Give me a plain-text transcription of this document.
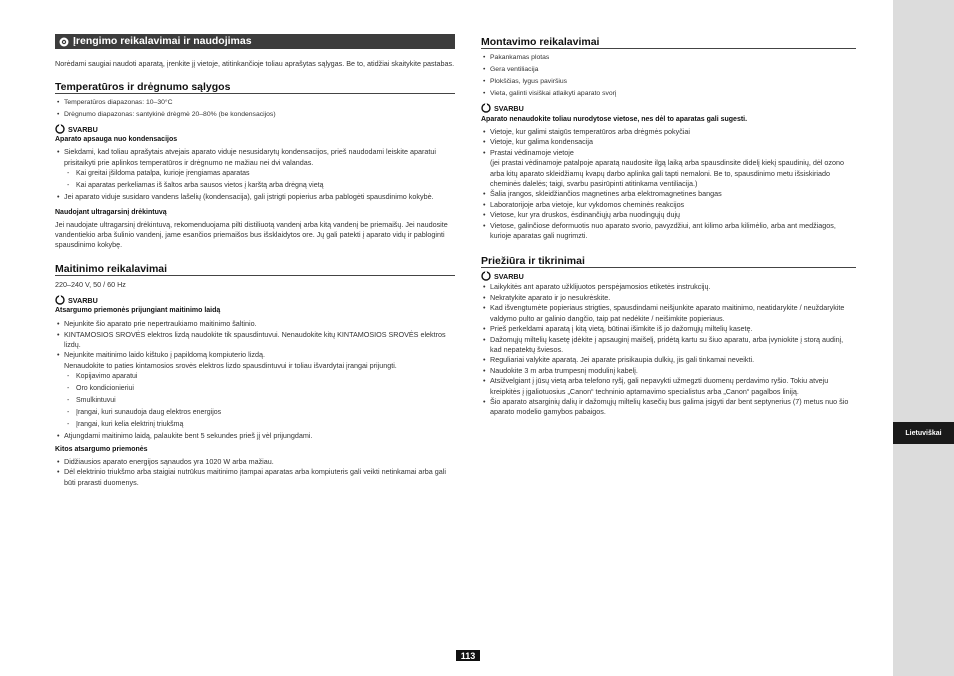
Lietuviškai
Įrengimo reikalavimai ir naudojimas

Norėdami saugiai naudoti aparatą, įrenkite jį vietoje, atitinkančioje toliau aprašytas sąlygas. Be to, atidžiai skaitykite pastabas.

Temperatūros ir drėgnumo sąlygos
• Temperatūros diapazonas: 10–30°C
• Drėgnumo diapazonas: santykinė drėgmė 20–80% (be kondensacijos)
SVARBU
Aparato apsauga nuo kondensacijos
• Siekdami, kad toliau aprašytais atvejais aparato viduje nesusidarytų kondensacijos, prieš naudodami leiskite aparatui prisitaikyti prie aplinkos temperatūros ir drėgnumo ne mažiau nei dvi valandas.
- Kai greitai įšildoma patalpa, kurioje įrengiamas aparatas
- Kai aparatas perkeliamas iš šaltos arba sausos vietos į karštą arba drėgną vietą
• Jei aparato viduje susidaro vandens lašelių (kondensacija), gali įstrigti popierius arba pablogėti spausdinimo kokybė.
Naudojant ultragarsinį drėkintuvą

Jei naudojate ultragarsinį drėkintuvą, rekomenduojama pilti distiliuotą vandenį arba kitą vandenį be priemaišų. Jei naudosite vandentiekio arba šulinio vandenį, jame esančios priemaišos bus išsklaidytos ore. Jų gali patekti į aparato vidų ir pabloginti spausdinimo kokybę.

Maitinimo reikalavimai

220–240 V, 50 / 60 Hz

SVARBU
Atsargumo priemonės prijungiant maitinimo laidą
• Nejunkite šio aparato prie nepertraukiamo maitinimo šaltinio.
• KINTAMOSIOS SROVĖS elektros lizdą naudokite tik spausdintuvui. Nenaudokite kitų KINTAMOSIOS SROVĖS elektros lizdų.
• Nejunkite maitinimo laido kištuko į papildomą kompiuterio lizdą.

Nenaudokite to paties kintamosios srovės elektros lizdo spausdintuvui ir toliau išvardytai įrangai prijungti.

- Kopijavimo aparatui
- Oro kondicionieriui
- Smulkintuvui
- Įrangai, kuri sunaudoja daug elektros energijos
- Įrangai, kuri kelia elektrinį triukšmą
• Atjungdami maitinimo laidą, palaukite bent 5 sekundes prieš jį vėl prijungdami.
Kitos atsargumo priemonės
• Didžiausios aparato energijos sąnaudos yra 1020 W arba mažiau.
• Dėl elektrinio triukšmo arba staigiai nutrūkus maitinimo įtampai aparatas arba kompiuteris gali veikti netinkamai arba gali būti prarasti duomenys.
Montavimo reikalavimai
• Pakankamas plotas
• Gera ventiliacija
• Plokščias, lygus paviršius
• Vieta, galinti visiškai atlaikyti aparato svorį
SVARBU
Aparato nenaudokite toliau nurodytose vietose, nes dėl to aparatas gali sugesti.
• Vietoje, kur galimi staigūs temperatūros arba drėgmės pokyčiai
• Vietoje, kur galima kondensacija
• Prastai vėdinamoje vietoje

(jei prastai vėdinamoje patalpoje aparatą naudosite ilgą laiką arba spausdinsite didelį kiekį spaudinių, dėl ozono arba kitų aparato skleidžiamų kvapų darbo aplinka gali tapti nemaloni. Be to, spausdinimo metu išsiskiriado cheminės dalelės; taigi, svarbu pasirūpinti atitinkama ventiliacija.)

• Šalia įrangos, skleidžiančios magnetines arba elektromagnetines bangas
• Laboratorijoje arba vietoje, kur vykdomos cheminės reakcijos
• Vietose, kur yra druskos, ėsdinančiųjų arba nuodingųjų dujų
• Vietose, galinčiose deformuotis nuo aparato svorio, pavyzdžiui, ant kilimo arba kilimėlio, arba ant medžiagos, kurioje aparatas gali nugrimzti.
Priežiūra ir tikrinimai
SVARBU
• Laikykitės ant aparato užklijuotos perspėjamosios etiketės instrukcijų.
• Nekratykite aparato ir jo nesukrėskite.
• Kad išvengtumėte popieriaus strigties, spausdindami neišjunkite aparato maitinimo, neatidarykite / neuždarykite valdymo pulto ar galinio dangčio, taip pat nedėkite / neišimkite popieriaus.
• Prieš perkeldami aparatą į kitą vietą, būtinai išimkite iš jo dažomųjų miltelių kasetę.
• Dažomųjų miltelių kasetę įdėkite į apsauginį maišelį, pridėtą kartu su šiuo aparatu, arba įvyniokite į storą audinį, kad nepatektų šviesos.
• Reguliariai valykite aparatą. Jei aparate prisikaupia dulkių, jis gali tinkamai neveikti.
• Naudokite 3 m arba trumpesnį modulinį kabelį.
• Atsižvelgiant į jūsų vietą arba telefono ryšį, gali nepavykti užmegzti duomenų perdavimo ryšio. Tokiu atveju kreipkitės į įgaliotuosius „Canon“ techninio aptarnavimo specialistus arba „Canon“ pagalbos liniją.
• Šio aparato atsarginių dalių ir dažomųjų miltelių kasečių bus galima įsigyti dar bent septynerius (7) metus nuo šio aparato modelio gamybos pabaigos.
113
